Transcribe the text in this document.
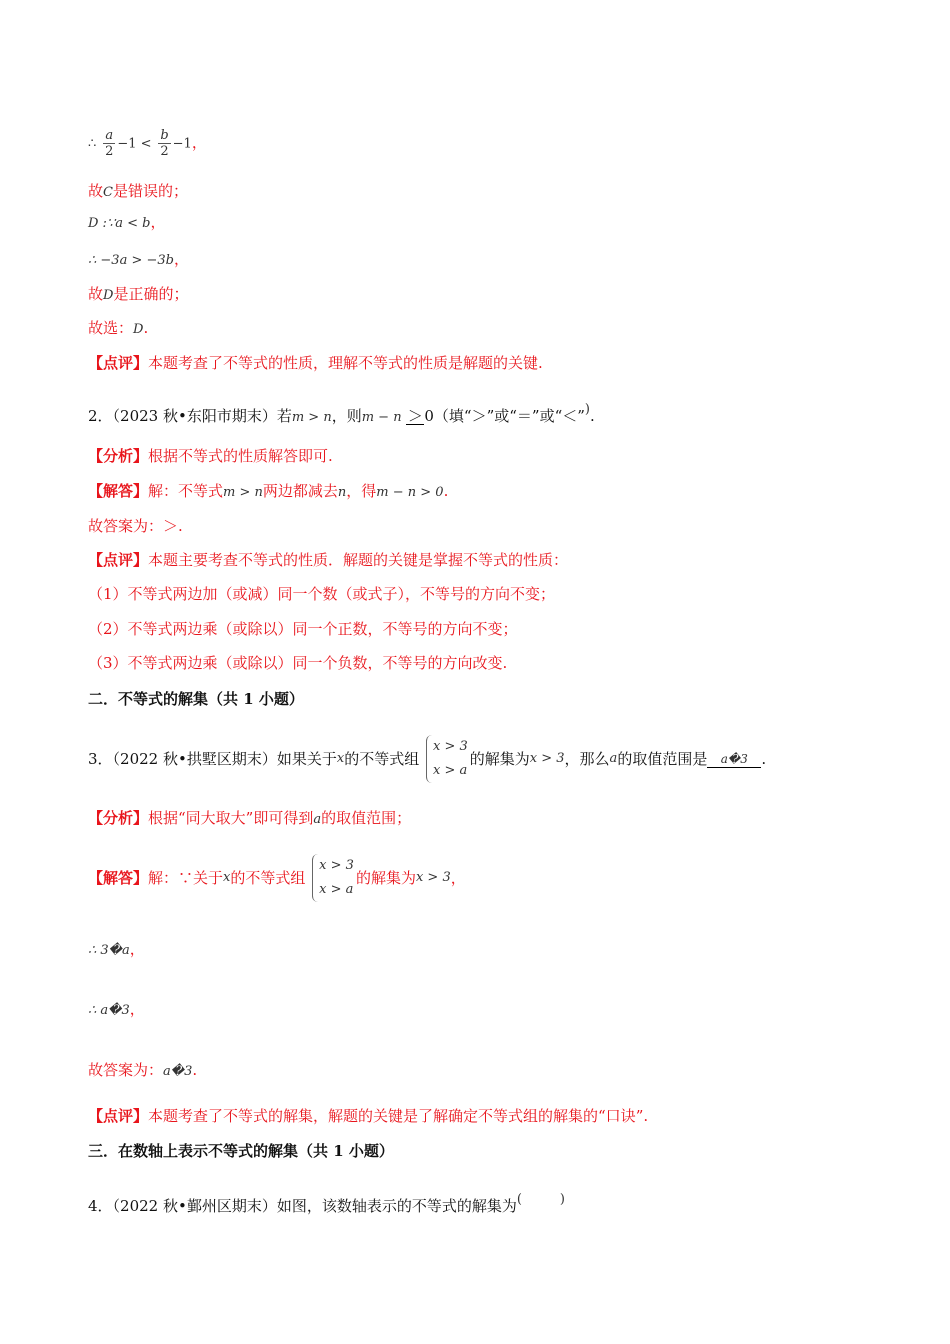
∴ $\frac{a}{2} -1 < \frac{b}{2} -1$，
故C是错误的；
D :∵a < b，
∴ −3a > −3b，
故D是正确的；
故选：D.
【点评】本题考查了不等式的性质，理解不等式的性质是解题的关键.
2．（2023 秋•东阳市期末）若m > n，则m − n ＞ 0（填“＞”或“＝”或“＜”).
【分析】根据不等式的性质解答即可.
【解答】解：不等式m > n两边都减去n，得m − n > 0.
故答案为：＞.
【点评】本题主要考查不等式的性质．解题的关键是掌握不等式的性质：
（1）不等式两边加（或减）同一个数（或式子），不等号的方向不变；
（2）不等式两边乘（或除以）同一个正数，不等号的方向不变；
（3）不等式两边乘（或除以）同一个负数，不等号的方向改变.
二．不等式的解集（共 1 小题）
3．（2022 秋•拱墅区期末）如果关于x的不等式组
x > 3
x > a
的解集为x > 3，那么a的取值范围是 a�3 .
【分析】根据“同大取大”即可得到a的取值范围；
【解答】解：∵关于x的不等式组
x > 3
x > a
的解集为x > 3，
∴ 3�a，
∴ a�3，
故答案为：a�3.
【点评】本题考查了不等式的解集，解题的关键是了解确定不等式组的解集的“口诀”.
三．在数轴上表示不等式的解集（共 1 小题）
4．（2022 秋•鄞州区期末）如图，该数轴表示的不等式的解集为(	)
